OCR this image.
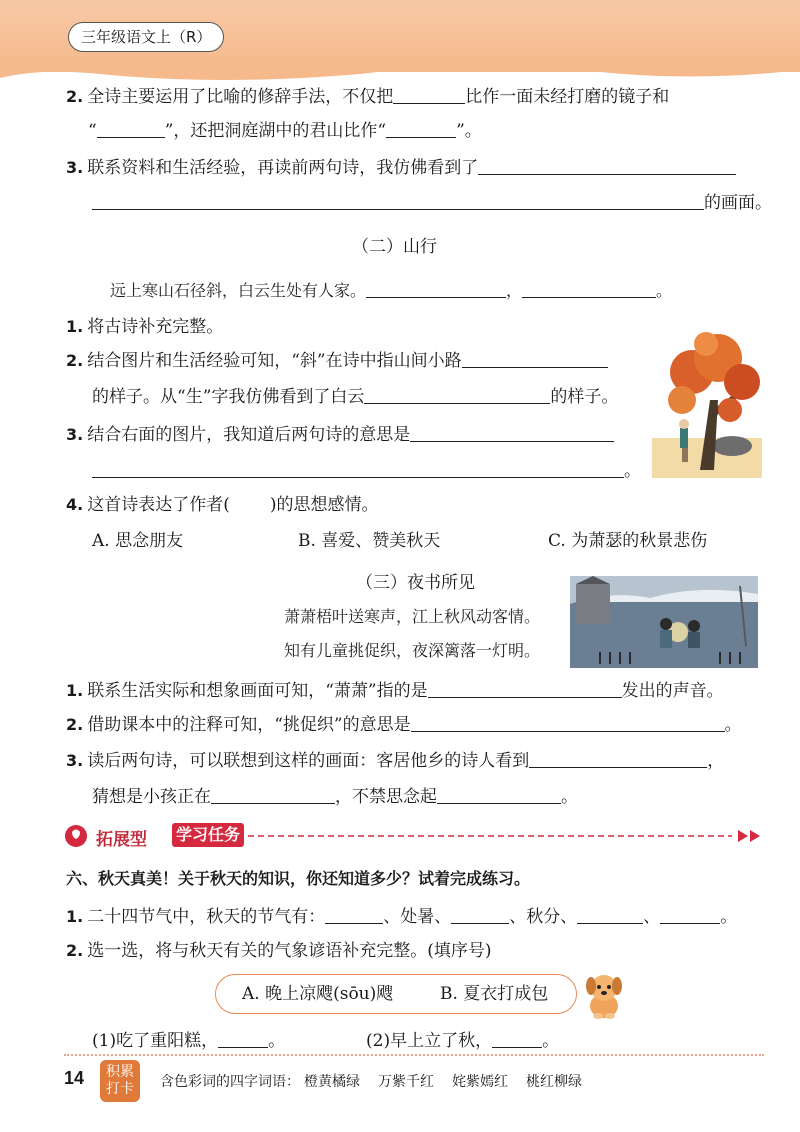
三年级语文上（R）
2. 全诗主要运用了比喻的修辞手法，不仅把	比作一面未经打磨的镜子和
“	”，还把洞庭湖中的君山比作“	”。
3. 联系资料和生活经验，再读前两句诗，我仿佛看到了
的画面。
（二）山行
远上寒山石径斜，白云生处有人家。	，	。
1. 将古诗补充完整。
2. 结合图片和生活经验可知，“斜”在诗中指山间小路
的样子。从“生”字我仿佛看到了白云	的样子。
3. 结合右面的图片，我知道后两句诗的意思是
。
4. 这首诗表达了作者( )的思想感情。
A. 思念朋友	B. 喜爱、赞美秋天	C. 为萧瑟的秋景悲伤
（三）夜书所见
萧萧梧叶送寒声，江上秋风动客情。
知有儿童挑促织，夜深篱落一灯明。
1. 联系生活实际和想象画面可知，“萧萧”指的是	发出的声音。
2. 借助课本中的注释可知，“挑促织”的意思是	。
3. 读后两句诗，可以联想到这样的画面：客居他乡的诗人看到	，
猜想是小孩正在	，不禁思念起	。
拓展型 学习任务
六、秋天真美！关于秋天的知识，你还知道多少？试着完成练习。
1. 二十四节气中，秋天的节气有：	、处暑、	、秋分、	、	。
2. 选一选，将与秋天有关的气象谚语补充完整。(填序号)
A. 晚上凉飕(sōu)飕	B. 夏衣打成包
(1)吃了重阳糕，	。	(2)早上立了秋，	。
14	积累
打卡	含色彩词的四字词语： 橙黄橘绿 万紫千红 姹紫嫣红 桃红柳绿
